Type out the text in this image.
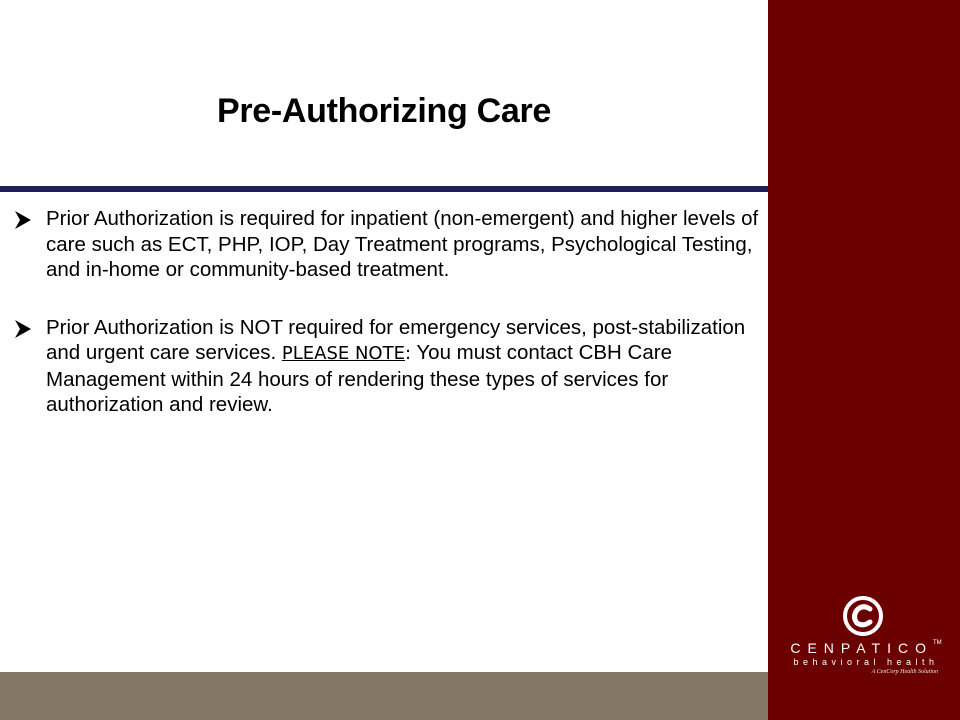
Pre-Authorizing Care
Prior Authorization is required for inpatient (non-emergent) and higher levels of care such as ECT, PHP, IOP, Day Treatment programs, Psychological Testing, and in-home or community-based treatment.
Prior Authorization is NOT required for emergency services, post-stabilization and urgent care services. PLEASE NOTE: You must contact CBH Care Management within 24 hours of rendering these types of services for authorization and review.
CENPATICO™
behavioral health
A CenCorp Health Solution
